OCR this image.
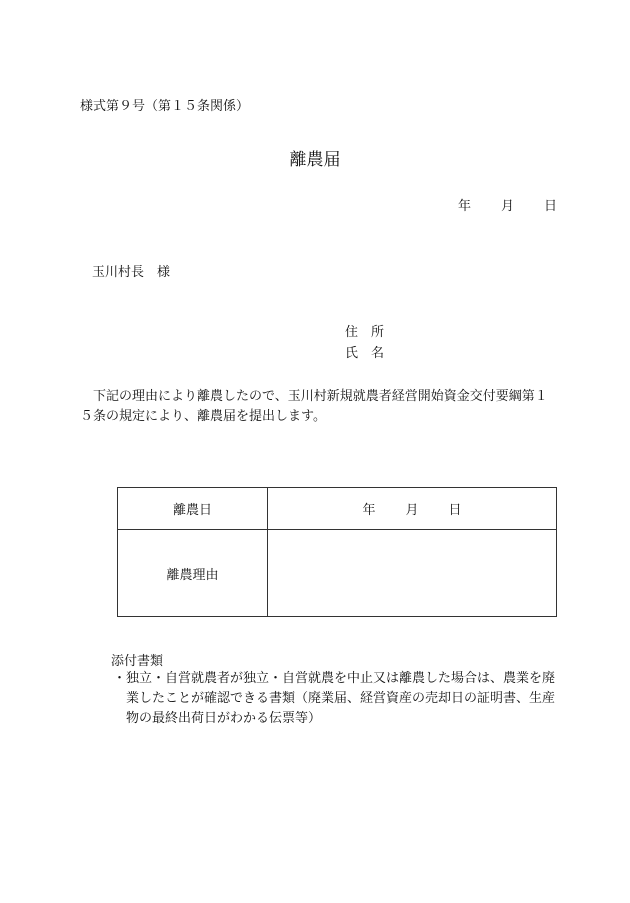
様式第９号（第１５条関係）
離農届
年 月 日
玉川村長　様
住　所
氏　名
下記の理由により離農したので、玉川村新規就農者経営開始資金交付要綱第１５条の規定により、離農届を提出します。
離農日	年 月 日
離農理由	
添付書類
・独立・自営就農者が独立・自営就農を中止又は離農した場合は、農業を廃業したことが確認できる書類（廃業届、経営資産の売却日の証明書、生産物の最終出荷日がわかる伝票等）
